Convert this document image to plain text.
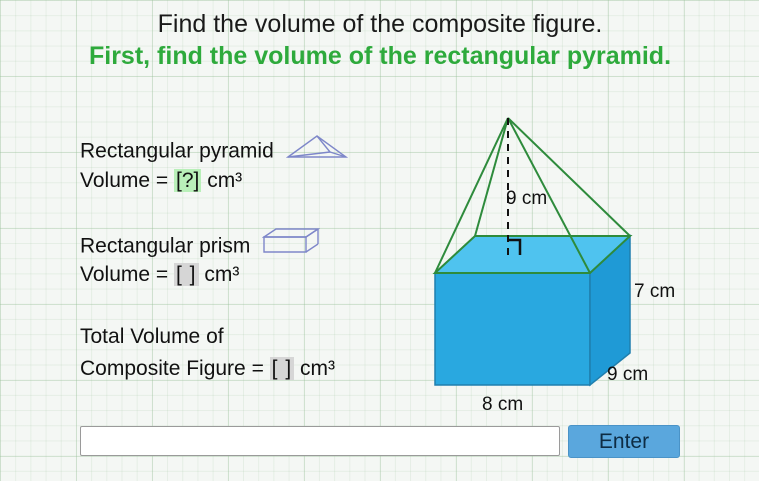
Find the volume of the composite figure.
First, find the volume of the rectangular pyramid.
Rectangular pyramid
Volume = [?] cm³
Rectangular prism
Volume = [ ] cm³
Total Volume of
Composite Figure = [ ] cm³
9 cm
7 cm
9 cm
8 cm
Enter
